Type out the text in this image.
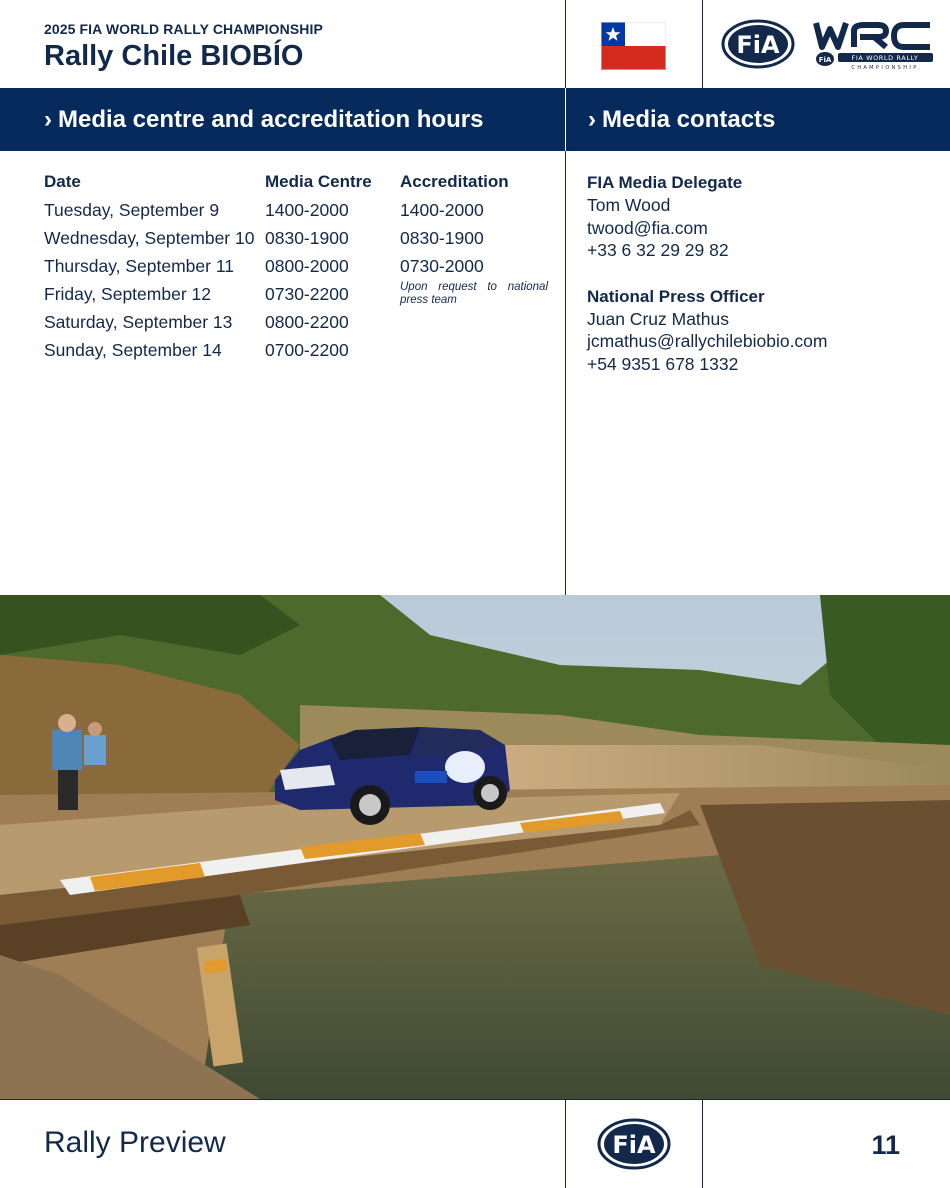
2025 FIA WORLD RALLY CHAMPIONSHIP
Rally Chile BIOBÍO	FiA
FiA	FIA WORLD RALLY
CHAMPIONSHIP
› Media centre and accreditation hours	› Media contacts
Date	Media Centre Accreditation
Tuesday, September 9	1400-2000	1400-2000
Wednesday, September 10 0830-1900	0830-1900
Thursday, September 11 0800-2000	0730-2000
Friday, September 12	0730-2200
Saturday, September 13 0800-2200
Sunday, September 14 0700-2200
Upon request to national press team
FIA Media Delegate
Tom Wood
twood@fia.com
+33 6 32 29 29 82
National Press Officer
Juan Cruz Mathus
jcmathus@rallychilebiobio.com
+54 9351 678 1332
Rally Preview	FiA	11
